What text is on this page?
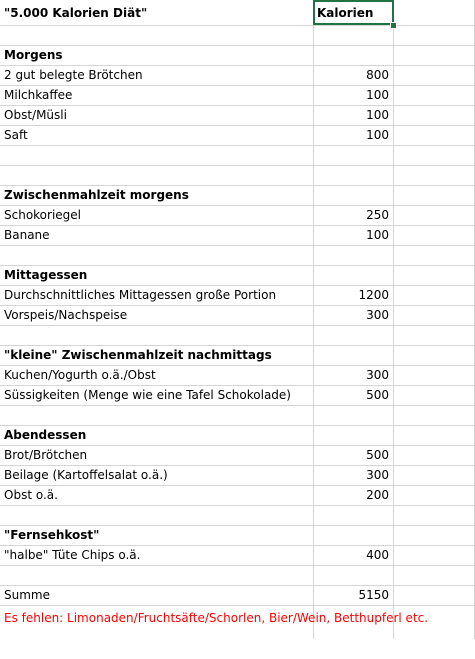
"5.000 Kalorien Diät"	Kalorien
Morgens
2 gut belegte Brötchen	800
Milchkaffee	100
Obst/Müsli	100
Saft	100
Zwischenmahlzeit morgens
Schokoriegel	250
Banane	100
Mittagessen
Durchschnittliches Mittagessen große Portion	1200
Vorspeis/Nachspeise	300
"kleine" Zwischenmahlzeit nachmittags
Kuchen/Yogurth o.ä./Obst	300
Süssigkeiten (Menge wie eine Tafel Schokolade)	500
Abendessen
Brot/Brötchen	500
Beilage (Kartoffelsalat o.ä.)	300
Obst o.ä.	200
"Fernsehkost"
"halbe" Tüte Chips o.ä.	400
Summe	5150
Es fehlen: Limonaden/Fruchtsäfte/Schorlen, Bier/Wein, Betthupferl etc.
